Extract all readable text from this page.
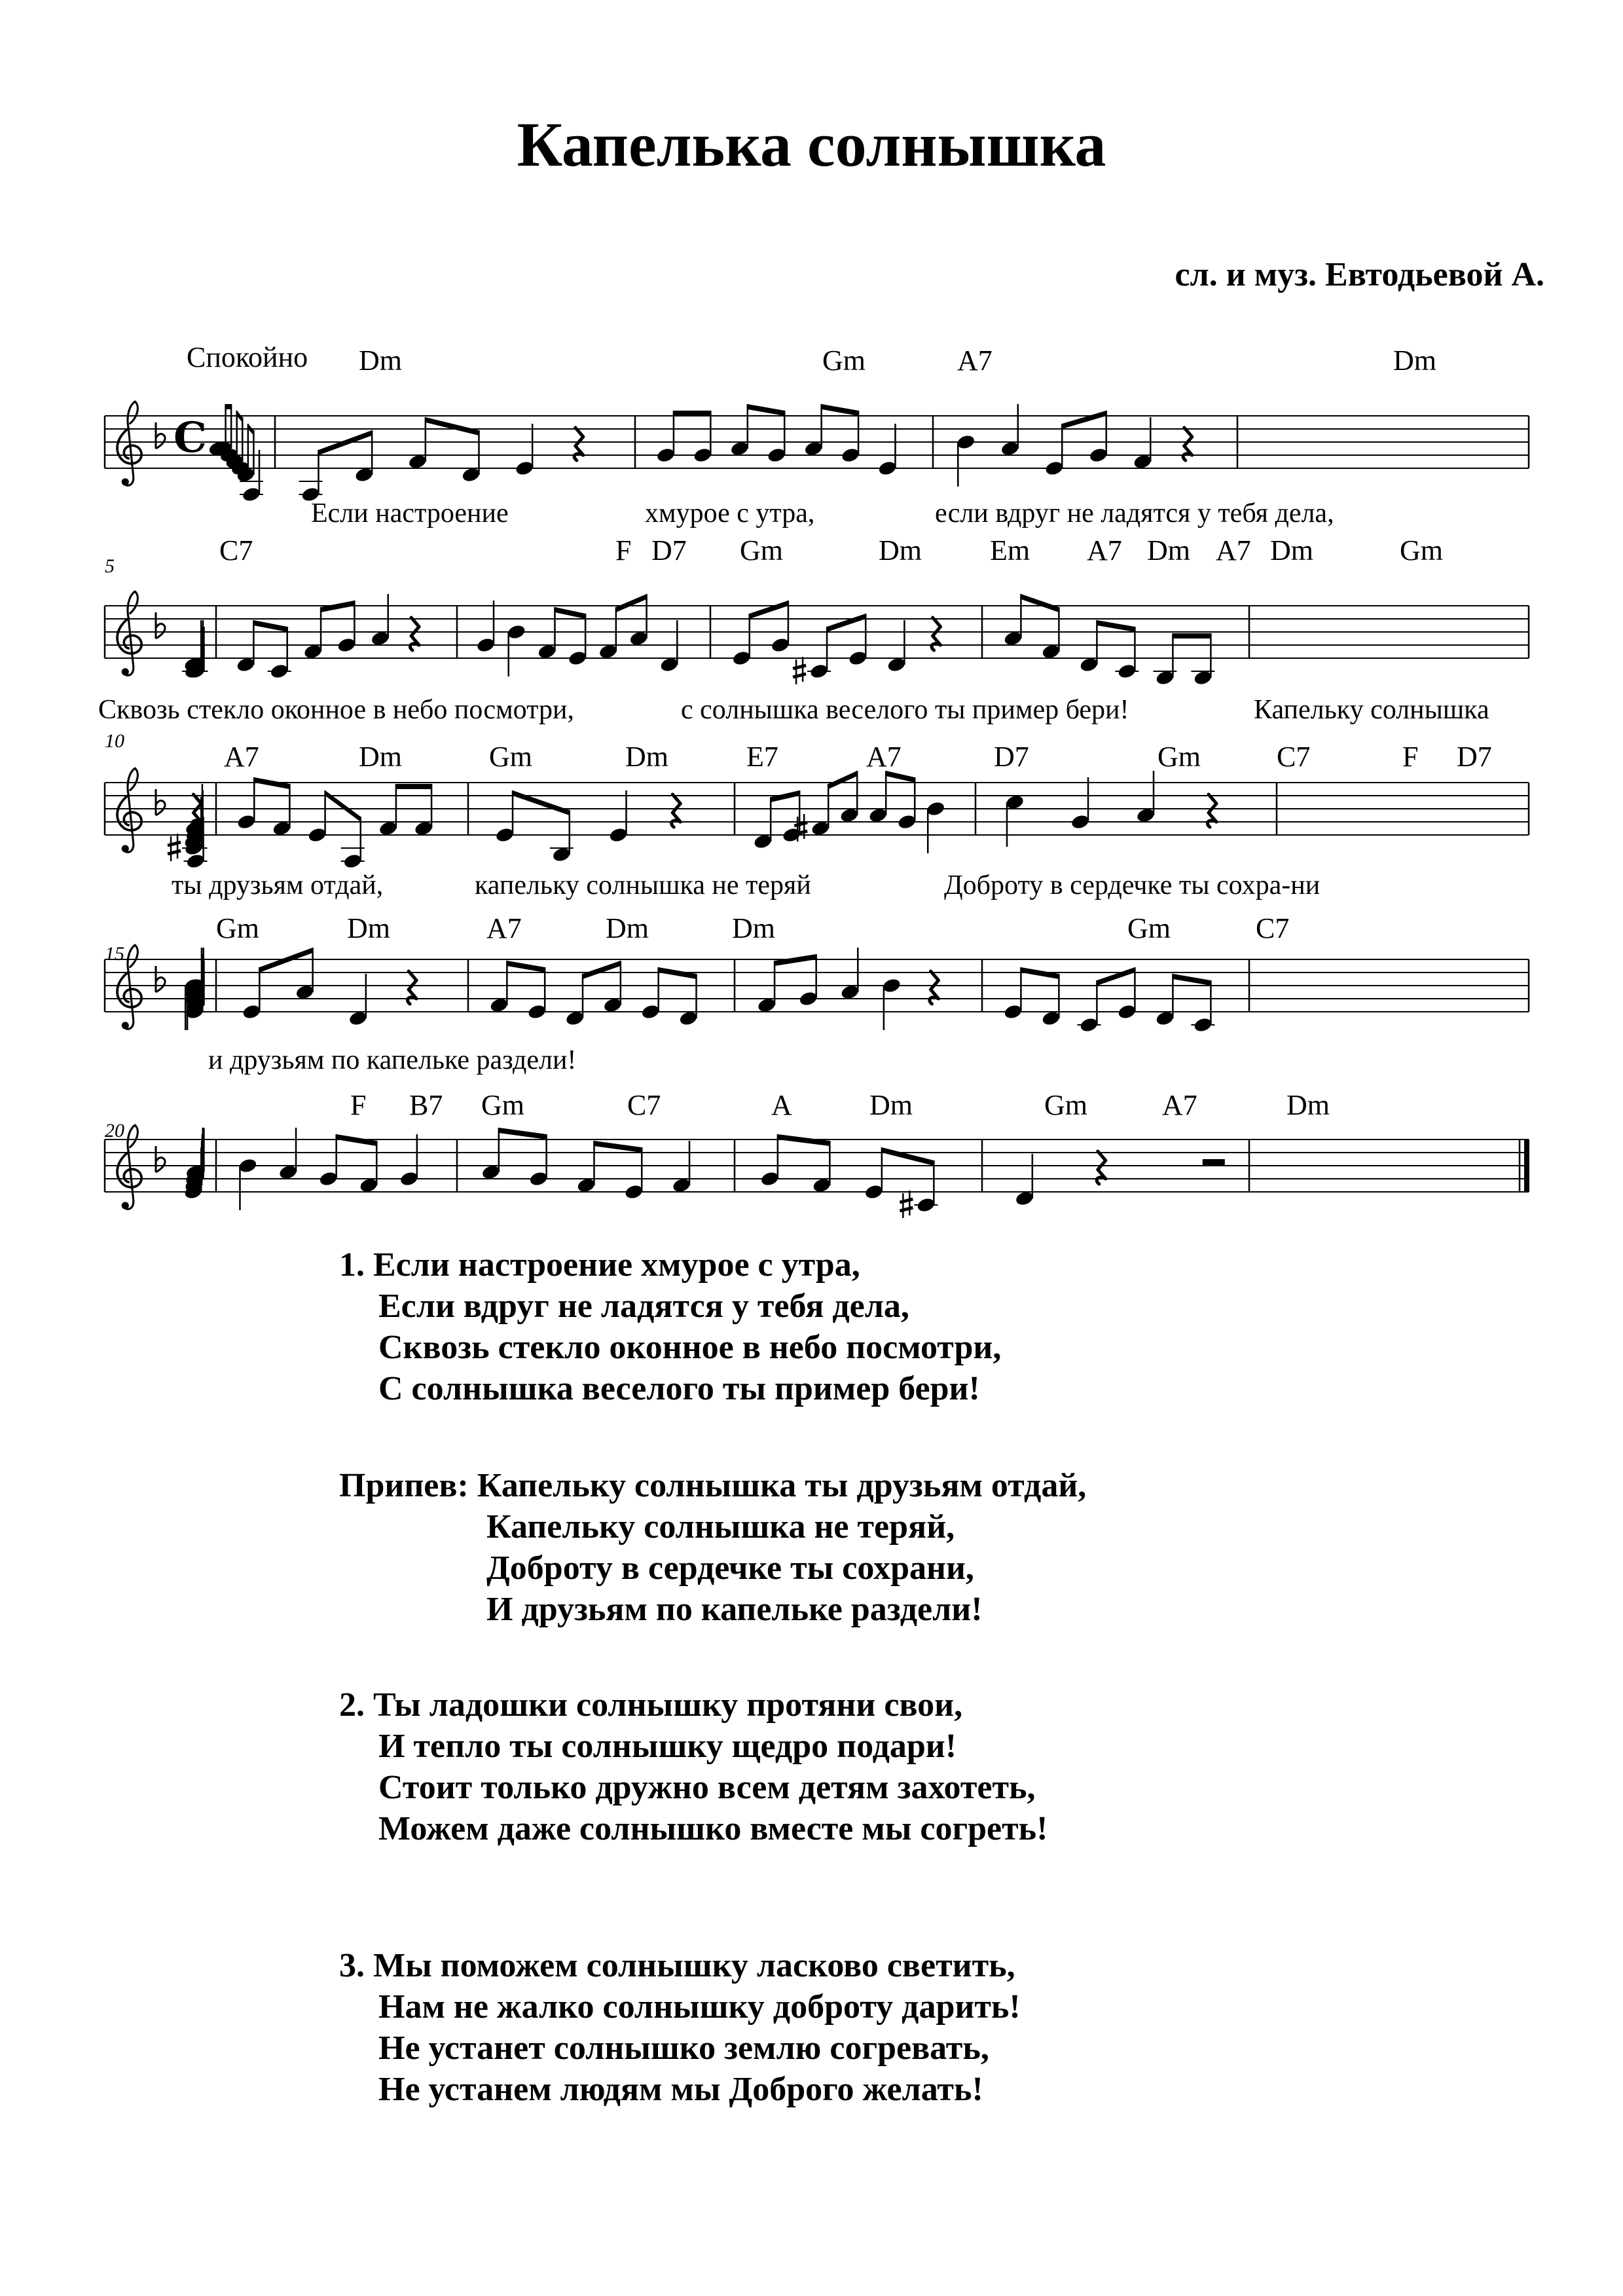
Капелька солнышка
сл. и муз. Евтодьевой А.
Спокойно Dm	Gm	A7	Dm
Если настроение	хмурое с утра,	если вдруг не ладятся у тебя дела,
5	C7	F D7 Gm	Dm Em A7 Dm A7 Dm	Gm
Сквозь стекло оконное в небо посмотри,	с солнышка веселого ты пример бери!	Капельку солнышка
10	A7	Dm	Gm	Dm	E7	A7	D7	Gm	C7	F D7
ты друзьям отдай,	капельку солнышка не теряй	Доброту в сердечке ты сохра-ни
15
Gm	Dm	A7	Dm	Dm	Gm	C7
и друзьям по капельке раздели!
20
F B7 Gm	C7	A	Dm	Gm	A7	Dm
C
1. Если настроение хмурое с утра,
Если вдруг не ладятся у тебя дела,
Сквозь стекло оконное в небо посмотри,
С солнышка веселого ты пример бери!
Припев: Капельку солнышка ты друзьям отдай,
Капельку солнышка не теряй,
Доброту в сердечке ты сохрани,
И друзьям по капельке раздели!
2. Ты ладошки солнышку протяни свои,
И тепло ты солнышку щедро подари!
Стоит только дружно всем детям захотеть,
Можем даже солнышко вместе мы согреть!
3. Мы поможем солнышку ласково светить,
Нам не жалко солнышку доброту дарить!
Не устанет солнышко землю согревать,
Не устанем людям мы Доброго желать!
